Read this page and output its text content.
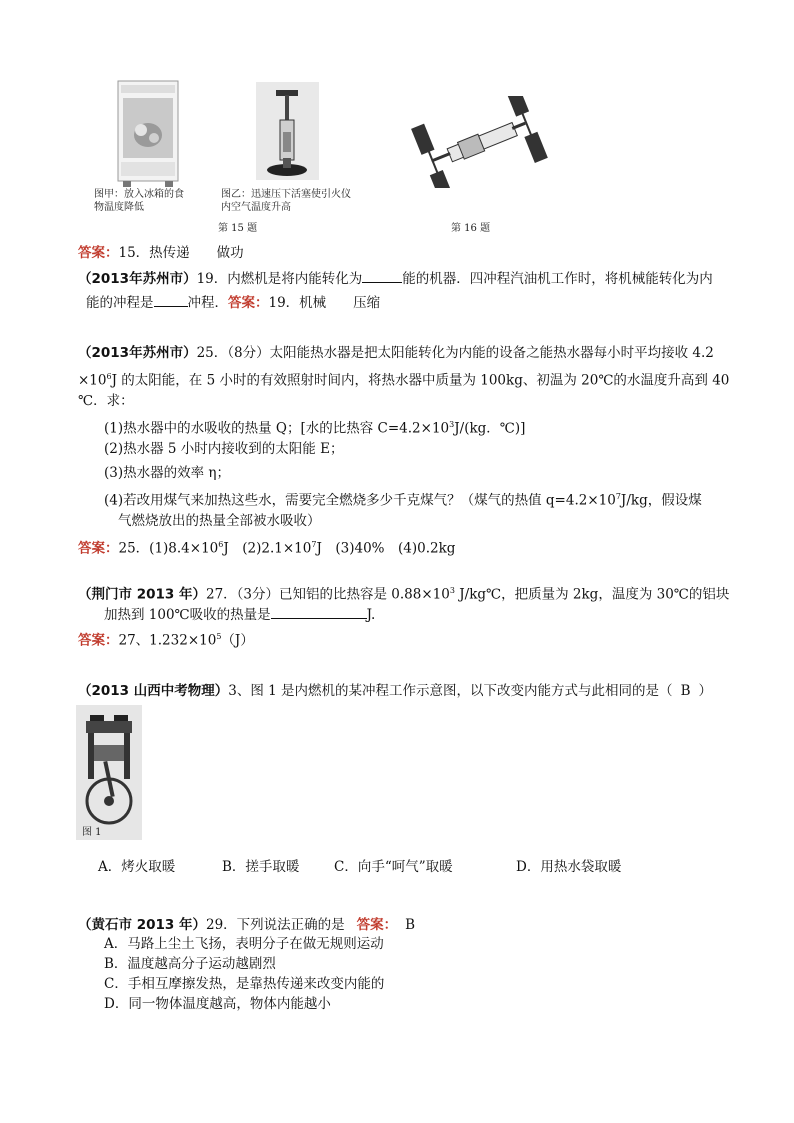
图甲：放入冰箱的食物温度降低
图乙：迅速压下活塞使引火仪内空气温度升高
第 15 题	第 16 题
答案：15．热传递　　做功
（2013年苏州市）19．内燃机是将内能转化为	能的机器．四冲程汽油机工作时，将机械能转化为内
能的冲程是	冲程．答案：19．机械　　压缩
（2013年苏州市）25．（8分）太阳能热水器是把太阳能转化为内能的设备之能热水器每小时平均接收 4.2
$\times 10^6J$ 的太阳能，在 5 小时的有效照射时间内，将热水器中质量为 100kg、初温为 20℃的水温度升高到 40
℃．求：
(1)热水器中的水吸收的热量 Q；[水的比热容 $C=4.2\times 10^3J/(kg$．℃)]
(2)热水器 5 小时内接收到的太阳能 E；
(3)热水器的效率 η；
(4)若改用煤气来加热这些水，需要完全燃烧多少千克煤气？（煤气的热值 $q=4.2\times 10^7J/kg$，假设煤
气燃烧放出的热量全部被水吸收）
答案：25．$(1)8.4\times 10^6J$　$(2)2.1\times 10^7J$　(3)40%　(4)0.2kg
（荆门市 2013 年）27．（3分）已知铝的比热容是 $0.88\times 10^3$ J/kg℃，把质量为 2kg，温度为 30℃的铝块
加热到 100℃吸收的热量是	J.
答案：27、$1.232\times 10^5(J)$
（2013 山西中考物理）3、图 1 是内燃机的某冲程工作示意图，以下改变内能方式与此相同的是（ B ）
图 1
A．烤火取暖	B．搓手取暖	C．向手“呵气”取暖	D．用热水袋取暖
（黄石市 2013 年）29．下列说法正确的是 答案： B
A．马路上尘土飞扬，表明分子在做无规则运动
B．温度越高分子运动越剧烈
C．手相互摩擦发热，是靠热传递来改变内能的
D．同一物体温度越高，物体内能越小
